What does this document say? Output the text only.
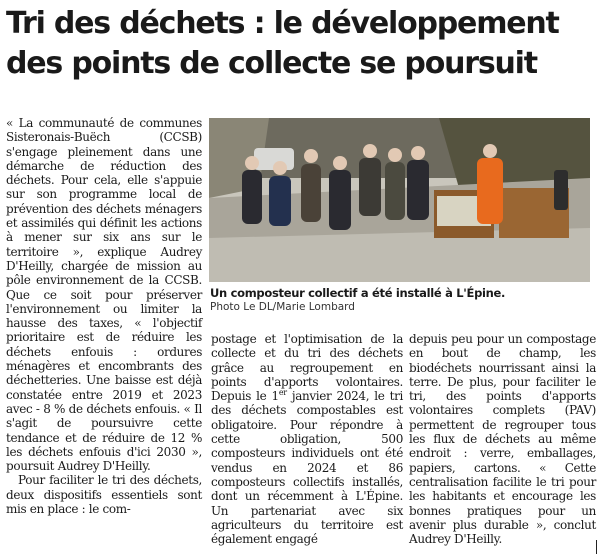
Tri des déchets : le développement des points de collecte se poursuit

« La communauté de communes Sisteronais-Buëch (CCSB) s'engage pleinement dans une démarche de réduction des déchets. Pour cela, elle s'appuie sur son programme local de prévention des déchets ménagers et assimilés qui définit les actions à mener sur six ans sur le territoire », explique Audrey D'Heilly, chargée de mission au pôle environnement de la CCSB. Que ce soit pour préserver l'environnement ou limiter la hausse des taxes, « l'objectif prioritaire est de réduire les déchets enfouis : ordures ménagères et encombrants des déchetteries. Une baisse est déjà constatée entre 2019 et 2023 avec - 8 % de déchets enfouis. « Il s'agit de poursuivre cette tendance et de réduire de 12 % les déchets enfouis d'ici 2030 », poursuit Audrey D'Heilly.

Pour faciliter le tri des déchets, deux dispositifs essentiels sont mis en place : le com-

Un composteur collectif a été installé à L'Épine.
Photo Le DL/Marie Lombard

postage et l'optimisation de la collecte et du tri des déchets grâce au regroupement en points d'apports volontaires. Depuis le 1er janvier 2024, le tri des déchets compostables est obligatoire. Pour répondre à cette obligation, 500 composteurs individuels ont été vendus en 2024 et 86 composteurs collectifs installés, dont un récemment à L'Épine. Un partenariat avec six agriculteurs du territoire est également engagé

depuis peu pour un compostage en bout de champ, les biodéchets nourrissant ainsi la terre. De plus, pour faciliter le tri, des points d'apports volontaires complets (PAV) permettent de regrouper tous les flux de déchets au même endroit : verre, emballages, papiers, cartons. « Cette centralisation facilite le tri pour les habitants et encourage les bonnes pratiques pour un avenir plus durable », conclut Audrey D'Heilly.
